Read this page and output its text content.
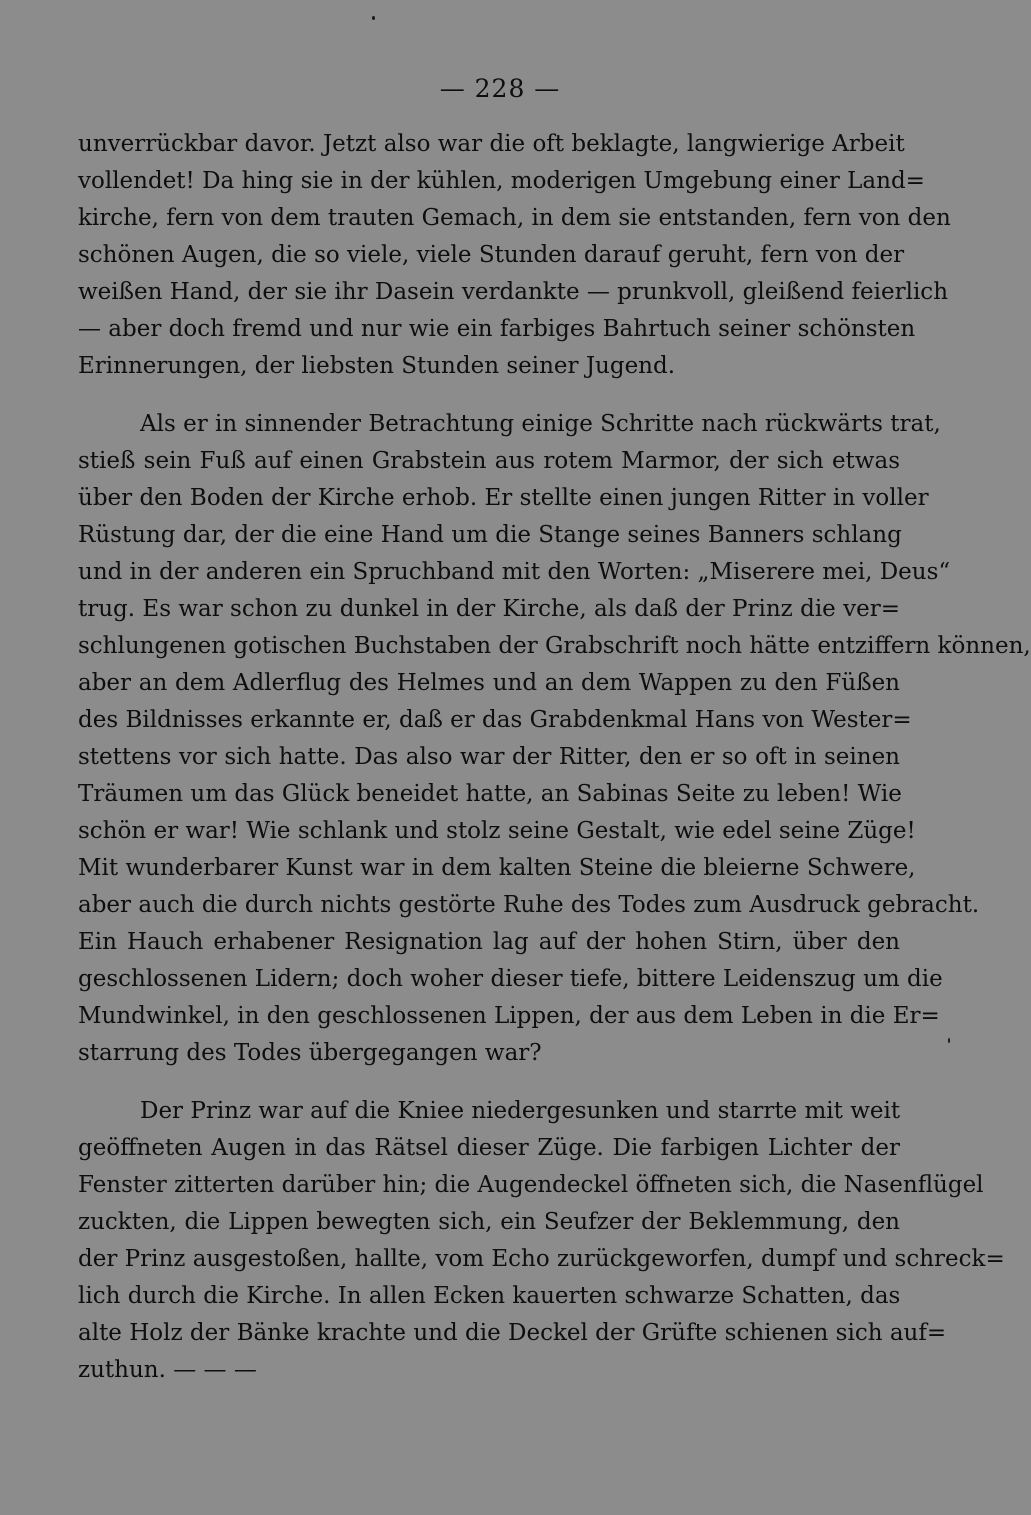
— 228 —
unverrückbar davor. Jetzt also war die oft beklagte, langwierige Arbeit
vollendet! Da hing sie in der kühlen, moderigen Umgebung einer Land=
kirche, fern von dem trauten Gemach, in dem sie entstanden, fern von den
schönen Augen, die so viele, viele Stunden darauf geruht, fern von der
weißen Hand, der sie ihr Dasein verdankte — prunkvoll, gleißend feierlich
— aber doch fremd und nur wie ein farbiges Bahrtuch seiner schönsten
Erinnerungen, der liebsten Stunden seiner Jugend.
Als er in sinnender Betrachtung einige Schritte nach rückwärts trat,
stieß sein Fuß auf einen Grabstein aus rotem Marmor, der sich etwas
über den Boden der Kirche erhob. Er stellte einen jungen Ritter in voller
Rüstung dar, der die eine Hand um die Stange seines Banners schlang
und in der anderen ein Spruchband mit den Worten: „Miserere mei, Deus“
trug. Es war schon zu dunkel in der Kirche, als daß der Prinz die ver=
schlungenen gotischen Buchstaben der Grabschrift noch hätte entziffern können,
aber an dem Adlerflug des Helmes und an dem Wappen zu den Füßen
des Bildnisses erkannte er, daß er das Grabdenkmal Hans von Wester=
stettens vor sich hatte. Das also war der Ritter, den er so oft in seinen
Träumen um das Glück beneidet hatte, an Sabinas Seite zu leben! Wie
schön er war! Wie schlank und stolz seine Gestalt, wie edel seine Züge!
Mit wunderbarer Kunst war in dem kalten Steine die bleierne Schwere,
aber auch die durch nichts gestörte Ruhe des Todes zum Ausdruck gebracht.
Ein Hauch erhabener Resignation lag auf der hohen Stirn, über den
geschlossenen Lidern; doch woher dieser tiefe, bittere Leidenszug um die
Mundwinkel, in den geschlossenen Lippen, der aus dem Leben in die Er=
starrung des Todes übergegangen war?
Der Prinz war auf die Kniee niedergesunken und starrte mit weit
geöffneten Augen in das Rätsel dieser Züge. Die farbigen Lichter der
Fenster zitterten darüber hin; die Augendeckel öffneten sich, die Nasenflügel
zuckten, die Lippen bewegten sich, ein Seufzer der Beklemmung, den
der Prinz ausgestoßen, hallte, vom Echo zurückgeworfen, dumpf und schreck=
lich durch die Kirche. In allen Ecken kauerten schwarze Schatten, das
alte Holz der Bänke krachte und die Deckel der Grüfte schienen sich auf=
zuthun. — — —
